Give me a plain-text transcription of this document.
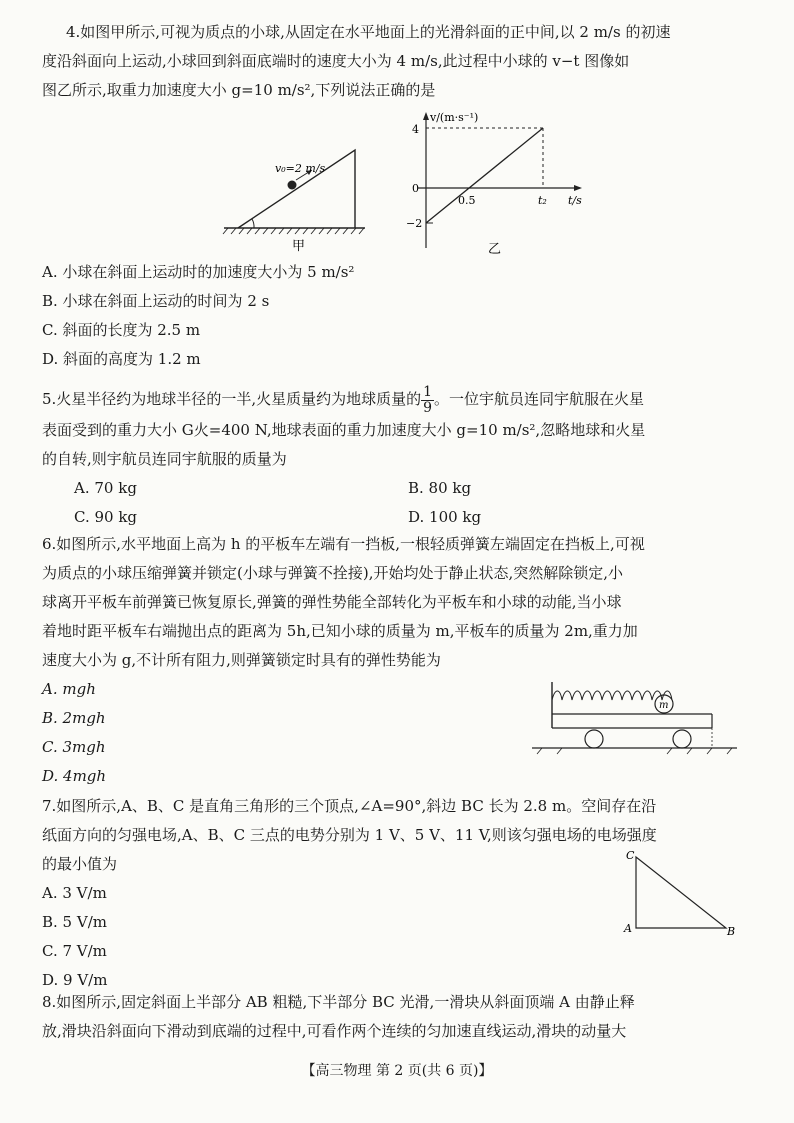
4.如图甲所示,可视为质点的小球,从固定在水平地面上的光滑斜面的正中间,以 2 m/s 的初速

度沿斜面向上运动,小球回到斜面底端时的速度大小为 4 m/s,此过程中小球的 v−t 图像如

图乙所示,取重力加速度大小 g=10 m/s²,下列说法正确的是

v₀=2 m/s
甲
v/(m·s⁻¹)
4
0
−2
0.5	t₂ t/s
乙

A. 小球在斜面上运动时的加速度大小为 5 m/s²

B. 小球在斜面上运动的时间为 2 s

C. 斜面的长度为 2.5 m

D. 斜面的高度为 1.2 m

5.火星半径约为地球半径的一半,火星质量约为地球质量的 $\frac{1}{9}$ 。一位宇航员连同宇航服在火星

表面受到的重力大小 G火=400 N,地球表面的重力加速度大小 g=10 m/s²,忽略地球和火星

的自转,则宇航员连同宇航服的质量为

A. 70 kg	B. 80 kg
C. 90 kg	D. 100 kg

6.如图所示,水平地面上高为 h 的平板车左端有一挡板,一根轻质弹簧左端固定在挡板上,可视

为质点的小球压缩弹簧并锁定(小球与弹簧不拴接),开始均处于静止状态,突然解除锁定,小

球离开平板车前弹簧已恢复原长,弹簧的弹性势能全部转化为平板车和小球的动能,当小球

着地时距平板车右端抛出点的距离为 5h,已知小球的质量为 m,平板车的质量为 2m,重力加

速度大小为 g,不计所有阻力,则弹簧锁定时具有的弹性势能为

A. mgh

B. 2mgh

C. 3mgh

D. 4mgh

m

7.如图所示,A、B、C 是直角三角形的三个顶点,∠A=90°,斜边 BC 长为 2.8 m。空间存在沿

纸面方向的匀强电场,A、B、C 三点的电势分别为 1 V、5 V、11 V,则该匀强电场的电场强度

的最小值为

A. 3 V/m

B. 5 V/m

C. 7 V/m

D. 9 V/m

C
A	B

8.如图所示,固定斜面上半部分 AB 粗糙,下半部分 BC 光滑,一滑块从斜面顶端 A 由静止释

放,滑块沿斜面向下滑动到底端的过程中,可看作两个连续的匀加速直线运动,滑块的动量大

【高三物理 第 2 页(共 6 页)】
